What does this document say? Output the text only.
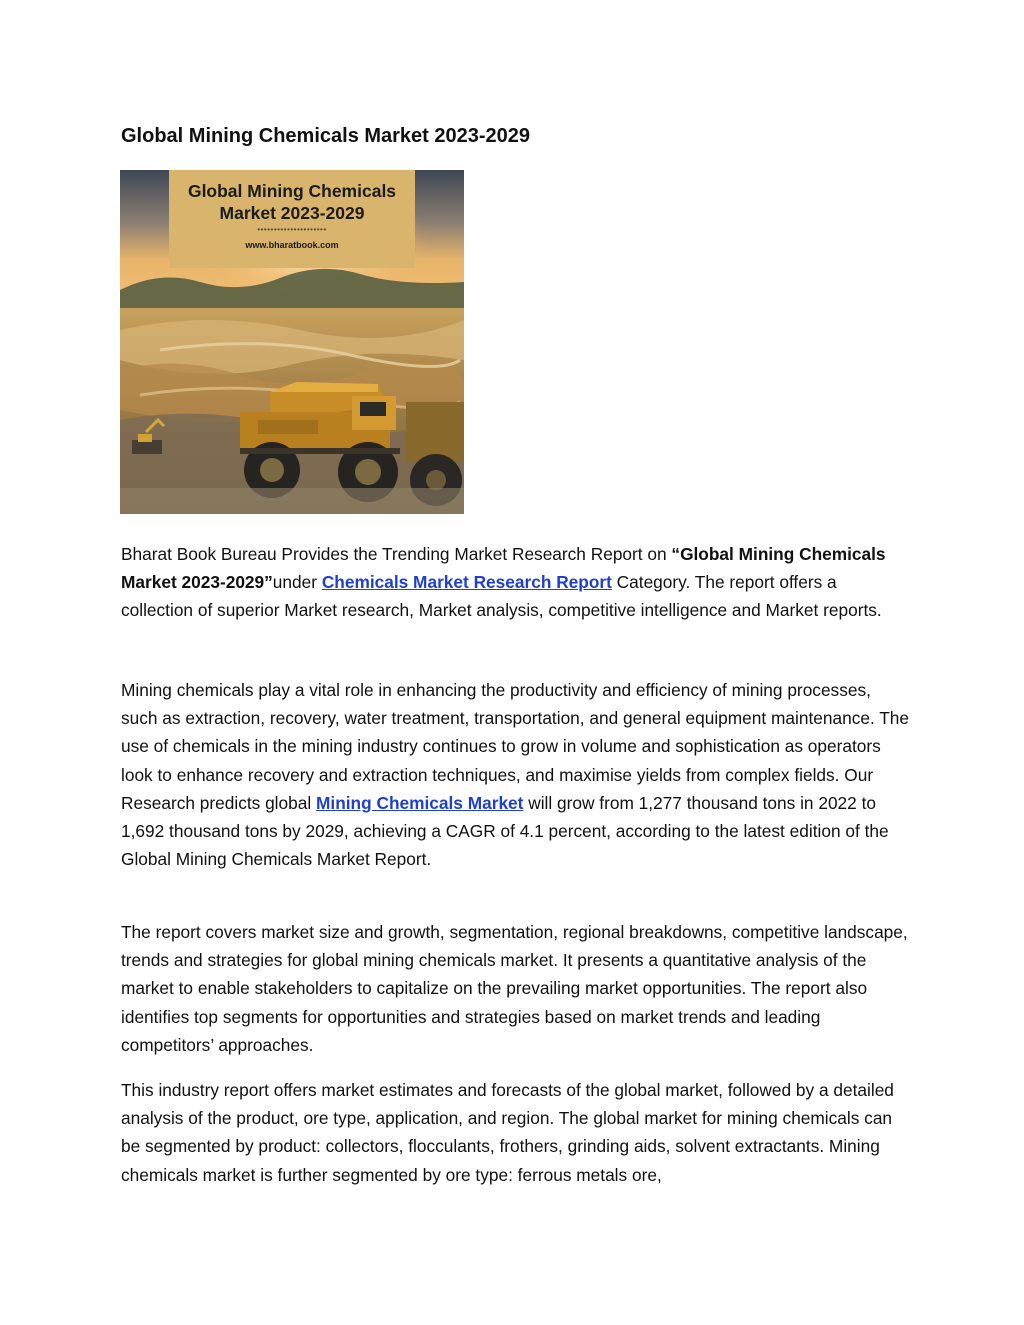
Global Mining Chemicals Market 2023-2029

Global Mining Chemicals
Market 2023-2029

•••••••••••••••••••••
www.bharatbook.com

Bharat Book Bureau Provides the Trending Market Research Report on “Global Mining Chemicals Market 2023-2029”under Chemicals Market Research Report Category. The report offers a collection of superior Market research, Market analysis, competitive intelligence and Market reports.

Mining chemicals play a vital role in enhancing the productivity and efficiency of mining processes, such as extraction, recovery, water treatment, transportation, and general equipment maintenance. The use of chemicals in the mining industry continues to grow in volume and sophistication as operators look to enhance recovery and extraction techniques, and maximise yields from complex fields. Our Research predicts global Mining Chemicals Market will grow from 1,277 thousand tons in 2022 to 1,692 thousand tons by 2029, achieving a CAGR of 4.1 percent, according to the latest edition of the Global Mining Chemicals Market Report.

The report covers market size and growth, segmentation, regional breakdowns, competitive landscape, trends and strategies for global mining chemicals market. It presents a quantitative analysis of the market to enable stakeholders to capitalize on the prevailing market opportunities. The report also identifies top segments for opportunities and strategies based on market trends and leading competitors’ approaches.

This industry report offers market estimates and forecasts of the global market, followed by a detailed analysis of the product, ore type, application, and region. The global market for mining chemicals can be segmented by product: collectors, flocculants, frothers, grinding aids, solvent extractants. Mining chemicals market is further segmented by ore type: ferrous metals ore,
